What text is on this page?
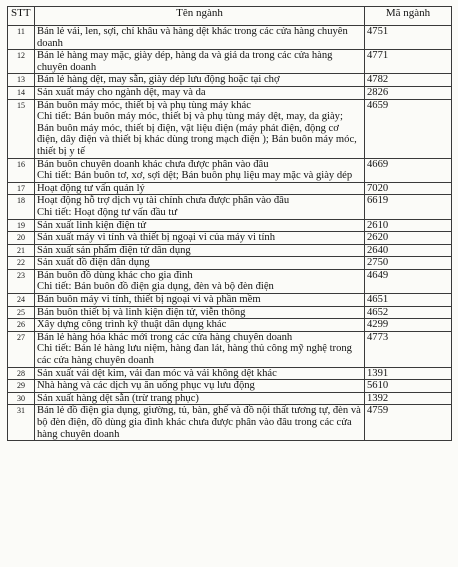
STT	Tên ngành	Mã ngành
11	Bán lẻ vải, len, sợi, chỉ khâu và hàng dệt khác trong các cửa hàng chuyên doanh	4751
12	Bán lẻ hàng may mặc, giày dép, hàng da và giả da trong các cửa hàng chuyên doanh	4771
13	Bán lẻ hàng dệt, may sẵn, giày dép lưu động hoặc tại chợ	4782
14	Sản xuất máy cho ngành dệt, may và da	2826
15	Bán buôn máy móc, thiết bị và phụ tùng máy khác
Chi tiết: Bán buôn máy móc, thiết bị và phụ tùng máy dệt, may, da giày; Bán buôn máy móc, thiết bị điện, vật liệu điện (máy phát điện, động cơ điện, dây điện và thiết bị khác dùng trong mạch điện ); Bán buôn máy móc, thiết bị y tế	4659
16	Bán buôn chuyên doanh khác chưa được phân vào đâu
Chi tiết: Bán buôn tơ, xơ, sợi dệt; Bán buôn phụ liệu may mặc và giày dép	4669
17	Hoạt động tư vấn quản lý	7020
18	Hoạt động hỗ trợ dịch vụ tài chính chưa được phân vào đâu
Chi tiết: Hoạt động tư vấn đầu tư	6619
19	Sản xuất linh kiện điện tử	2610
20	Sản xuất máy vi tính và thiết bị ngoại vi của máy vi tính	2620
21	Sản xuất sản phẩm điện tử dân dụng	2640
22	Sản xuất đồ điện dân dụng	2750
23	Bán buôn đồ dùng khác cho gia đình
Chi tiết: Bán buôn đồ điện gia dụng, đèn và bộ đèn điện	4649
24	Bán buôn máy vi tính, thiết bị ngoại vi và phần mềm	4651
25	Bán buôn thiết bị và linh kiện điện tử, viễn thông	4652
26	Xây dựng công trình kỹ thuật dân dụng khác	4299
27	Bán lẻ hàng hóa khác mới trong các cửa hàng chuyên doanh
Chi tiết: Bán lẻ hàng lưu niệm, hàng đan lát, hàng thủ công mỹ nghệ trong các cửa hàng chuyên doanh	4773
28	Sản xuất vải dệt kim, vải đan móc và vải không dệt khác	1391
29	Nhà hàng và các dịch vụ ăn uống phục vụ lưu động	5610
30	Sản xuất hàng dệt sẵn (trừ trang phục)	1392
31	Bán lẻ đồ điện gia dụng, giường, tủ, bàn, ghế và đồ nội thất tương tự, đèn và bộ đèn điện, đồ dùng gia đình khác chưa được phân vào đâu trong các cửa hàng chuyên doanh	4759
